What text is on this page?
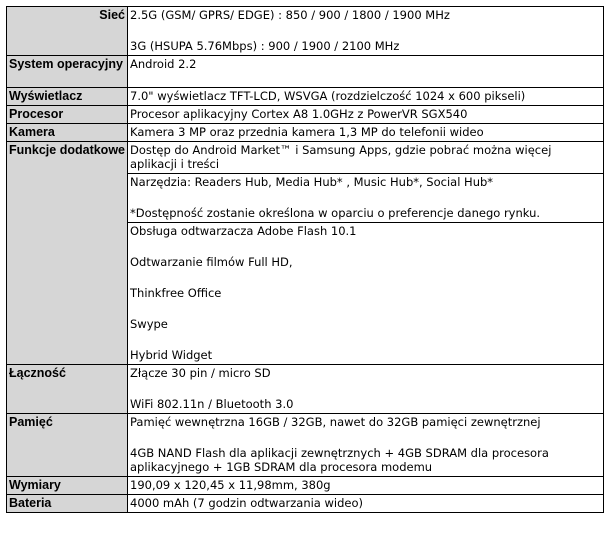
Sieć	2.5G (GSM/ GPRS/ EDGE) : 850 / 900 / 1800 / 1900 MHz
3G (HSUPA 5.76Mbps) : 900 / 1900 / 2100 MHz

System operacyjny	Android 2.2
Wyświetlacz	7.0" wyświetlacz TFT-LCD, WSVGA (rozdzielczość 1024 x 600 pikseli)
Procesor	Procesor aplikacyjny Cortex A8 1.0GHz z PowerVR SGX540
Kamera	Kamera 3 MP oraz przednia kamera 1,3 MP do telefonii wideo
Funkcje dodatkowe	Dostęp do Android Market™ i Samsung Apps, gdzie pobrać można więcej aplikacji i treści

	Narzędzia: Readers Hub, Media Hub* , Music Hub*, Social Hub*
*Dostępność zostanie określona w oparciu o preferencje danego rynku.

	Obsługa odtwarzacza Adobe Flash 10.1
Odtwarzanie filmów Full HD,
Thinkfree Office
Swype
Hybrid Widget

Łączność	Złącze 30 pin / micro SD
WiFi 802.11n / Bluetooth 3.0

Pamięć	Pamięć wewnętrzna 16GB / 32GB, nawet do 32GB pamięci zewnętrznej
4GB NAND Flash dla aplikacji zewnętrznych + 4GB SDRAM dla procesora aplikacyjnego + 1GB SDRAM dla procesora modemu

Wymiary	190,09 x 120,45 x 11,98mm, 380g
Bateria	4000 mAh (7 godzin odtwarzania wideo)
